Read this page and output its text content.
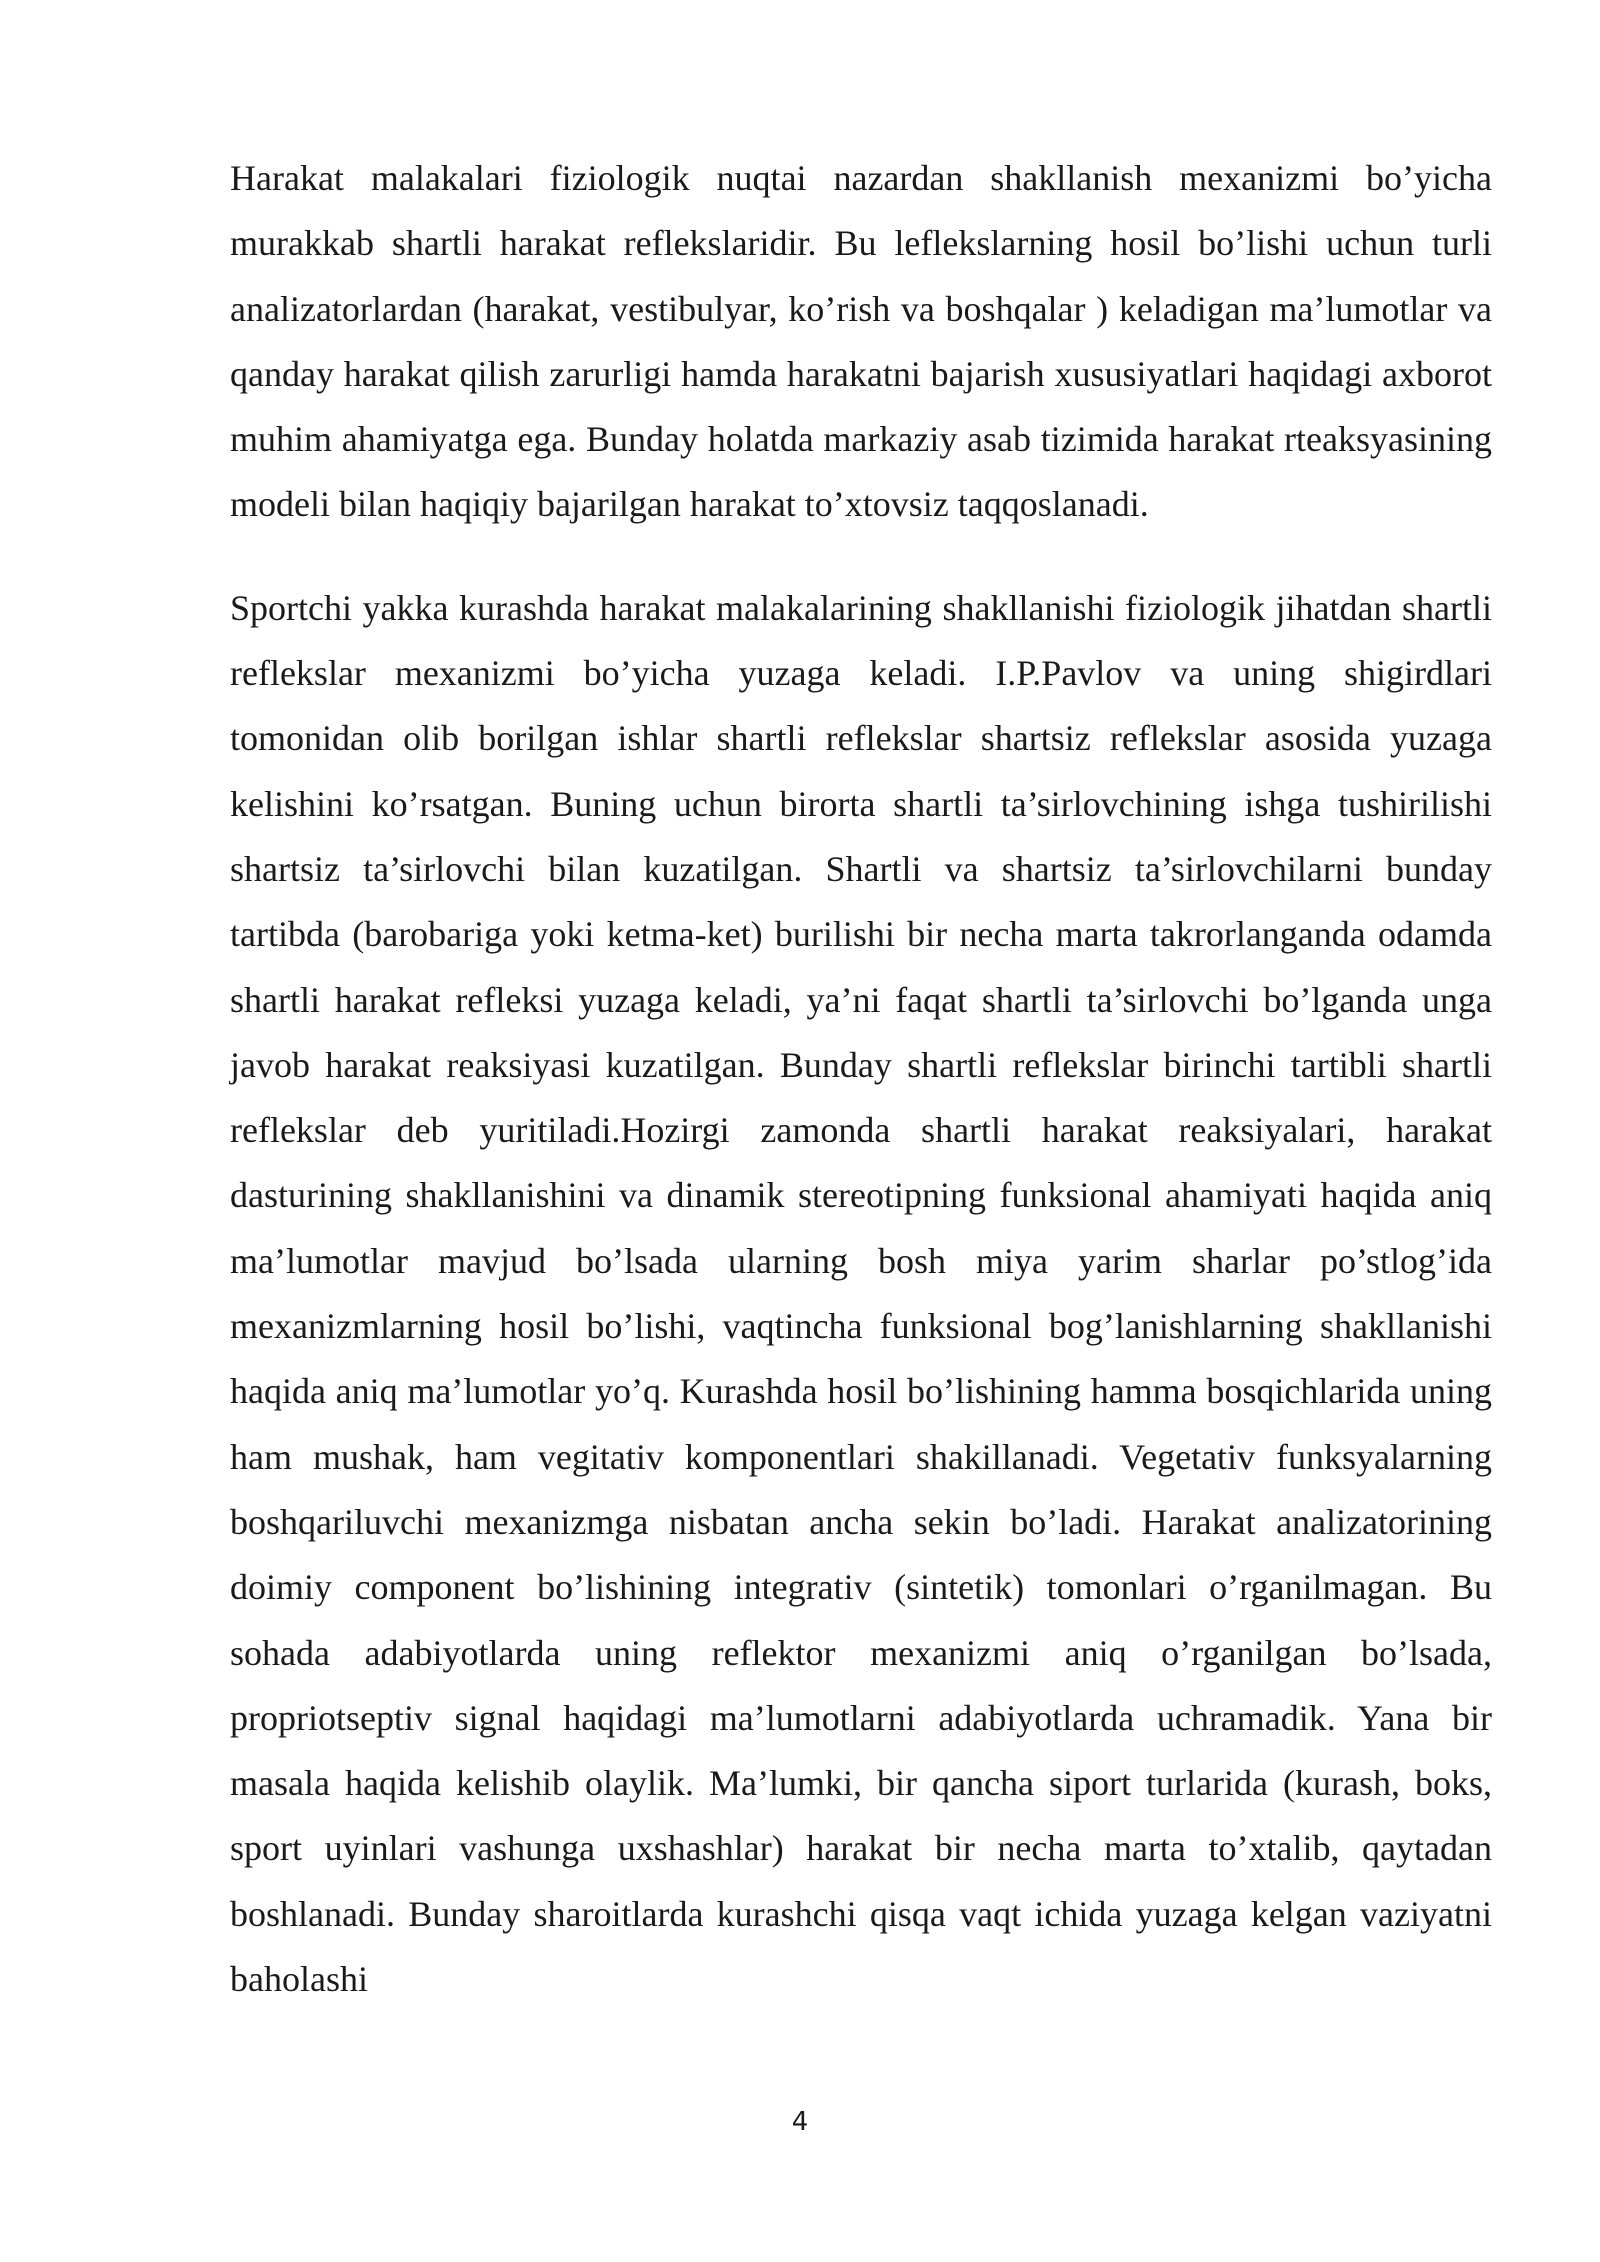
Harakat malakalari fiziologik nuqtai nazardan shakllanish mexanizmi bo’yicha murakkab shartli harakat reflekslaridir. Bu leflekslarning hosil bo’lishi uchun turli analizatorlardan (harakat, vestibulyar, ko’rish va boshqalar ) keladigan ma’lumotlar va qanday harakat qilish zarurligi hamda harakatni bajarish xususiyatlari haqidagi axborot muhim ahamiyatga ega. Bunday holatda markaziy asab tizimida harakat rteaksyasining modeli bilan haqiqiy bajarilgan harakat to’xtovsiz taqqoslanadi.

Sportchi yakka kurashda harakat malakalarining shakllanishi fiziologik jihatdan shartli reflekslar mexanizmi bo’yicha yuzaga keladi. I.P.Pavlov va uning shigirdlari tomonidan olib borilgan ishlar shartli reflekslar shartsiz reflekslar asosida yuzaga kelishini ko’rsatgan. Buning uchun birorta shartli ta’sirlovchining ishga tushirilishi shartsiz ta’sirlovchi bilan kuzatilgan. Shartli va shartsiz ta’sirlovchilarni bunday tartibda (barobariga yoki ketma-ket) burilishi bir necha marta takrorlanganda odamda shartli harakat refleksi yuzaga keladi, ya’ni faqat shartli ta’sirlovchi bo’lganda unga javob harakat reaksiyasi kuzatilgan. Bunday shartli reflekslar birinchi tartibli shartli reflekslar deb yuritiladi.Hozirgi zamonda shartli harakat reaksiyalari, harakat dasturining shakllanishini va dinamik stereotipning funksional ahamiyati haqida aniq ma’lumotlar mavjud bo’lsada ularning bosh miya yarim sharlar po’stlog’ida mexanizmlarning hosil bo’lishi, vaqtincha funksional bog’lanishlarning shakllanishi haqida aniq ma’lumotlar yo’q. Kurashda hosil bo’lishining hamma bosqichlarida uning ham mushak, ham vegitativ komponentlari shakillanadi. Vegetativ funksyalarning boshqariluvchi mexanizmga nisbatan ancha sekin bo’ladi. Harakat analizatorining doimiy component bo’lishining integrativ (sintetik) tomonlari o’rganilmagan. Bu sohada adabiyotlarda uning reflektor mexanizmi aniq o’rganilgan bo’lsada, propriotseptiv signal haqidagi ma’lumotlarni adabiyotlarda uchramadik. Yana bir masala haqida kelishib olaylik. Ma’lumki, bir qancha siport turlarida (kurash, boks, sport uyinlari vashunga uxshashlar) harakat bir necha marta to’xtalib, qaytadan boshlanadi. Bunday sharoitlarda kurashchi qisqa vaqt ichida yuzaga kelgan vaziyatni baholashi

4
